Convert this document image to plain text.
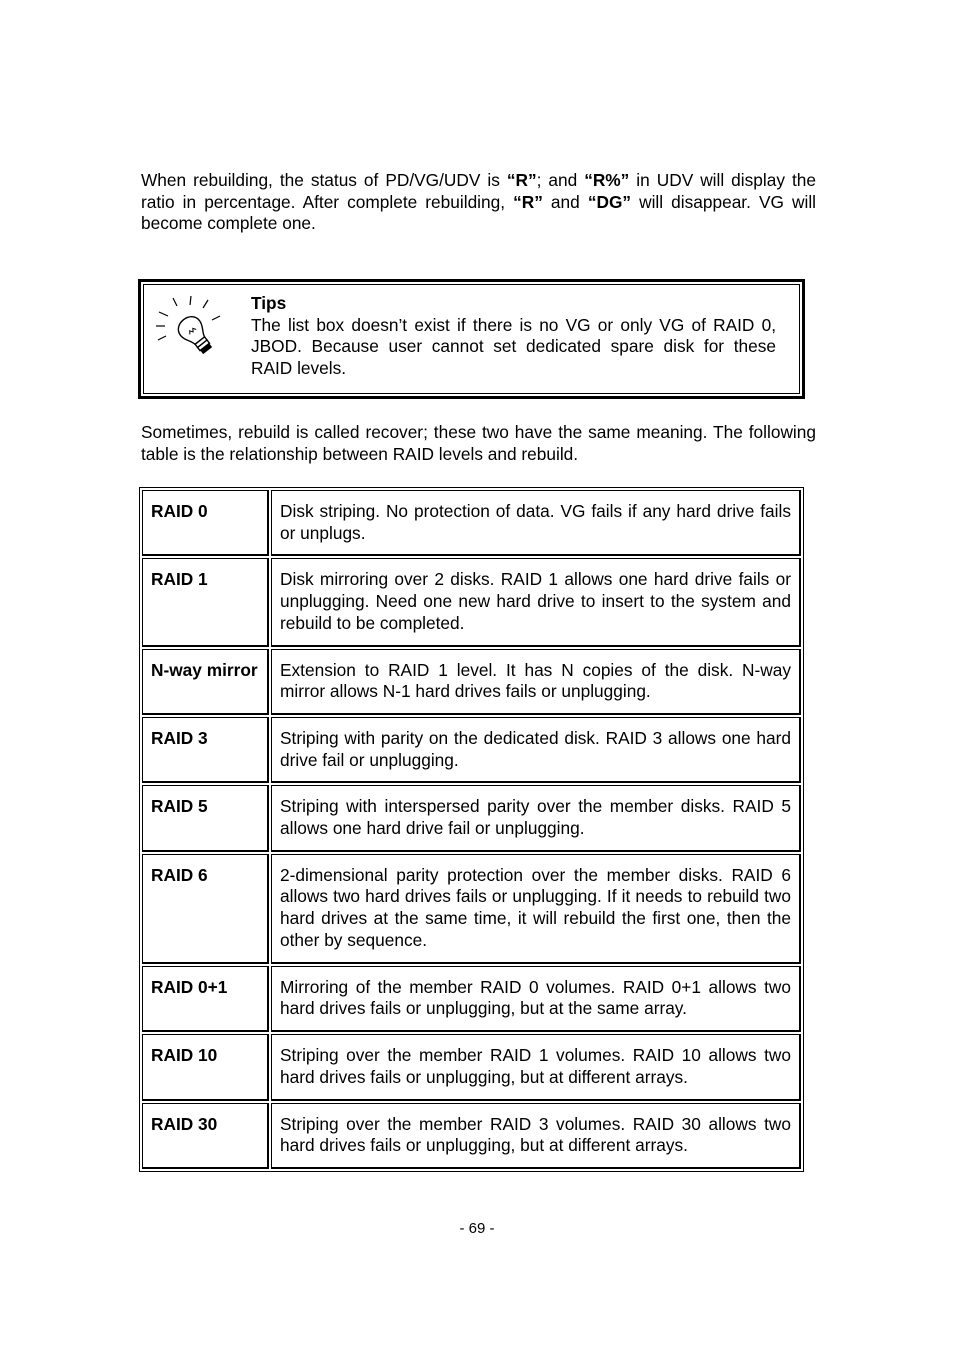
When rebuilding, the status of PD/VG/UDV is “R”; and “R%” in UDV will display the ratio in percentage. After complete rebuilding, “R” and “DG” will disappear. VG will become complete one.
Tips
The list box doesn’t exist if there is no VG or only VG of RAID 0, JBOD. Because user cannot set dedicated spare disk for these RAID levels.
Sometimes, rebuild is called recover; these two have the same meaning. The following table is the relationship between RAID levels and rebuild.
RAID 0	Disk striping. No protection of data. VG fails if any hard drive fails or unplugs.
RAID 1	Disk mirroring over 2 disks. RAID 1 allows one hard drive fails or unplugging. Need one new hard drive to insert to the system and rebuild to be completed.
N-way mirror	Extension to RAID 1 level. It has N copies of the disk. N-way mirror allows N-1 hard drives fails or unplugging.
RAID 3	Striping with parity on the dedicated disk. RAID 3 allows one hard drive fail or unplugging.
RAID 5	Striping with interspersed parity over the member disks. RAID 5 allows one hard drive fail or unplugging.
RAID 6	2-dimensional parity protection over the member disks. RAID 6 allows two hard drives fails or unplugging. If it needs to rebuild two hard drives at the same time, it will rebuild the first one, then the other by sequence.
RAID 0+1	Mirroring of the member RAID 0 volumes. RAID 0+1 allows two hard drives fails or unplugging, but at the same array.
RAID 10	Striping over the member RAID 1 volumes. RAID 10 allows two hard drives fails or unplugging, but at different arrays.
RAID 30	Striping over the member RAID 3 volumes. RAID 30 allows two hard drives fails or unplugging, but at different arrays.
- 69 -
